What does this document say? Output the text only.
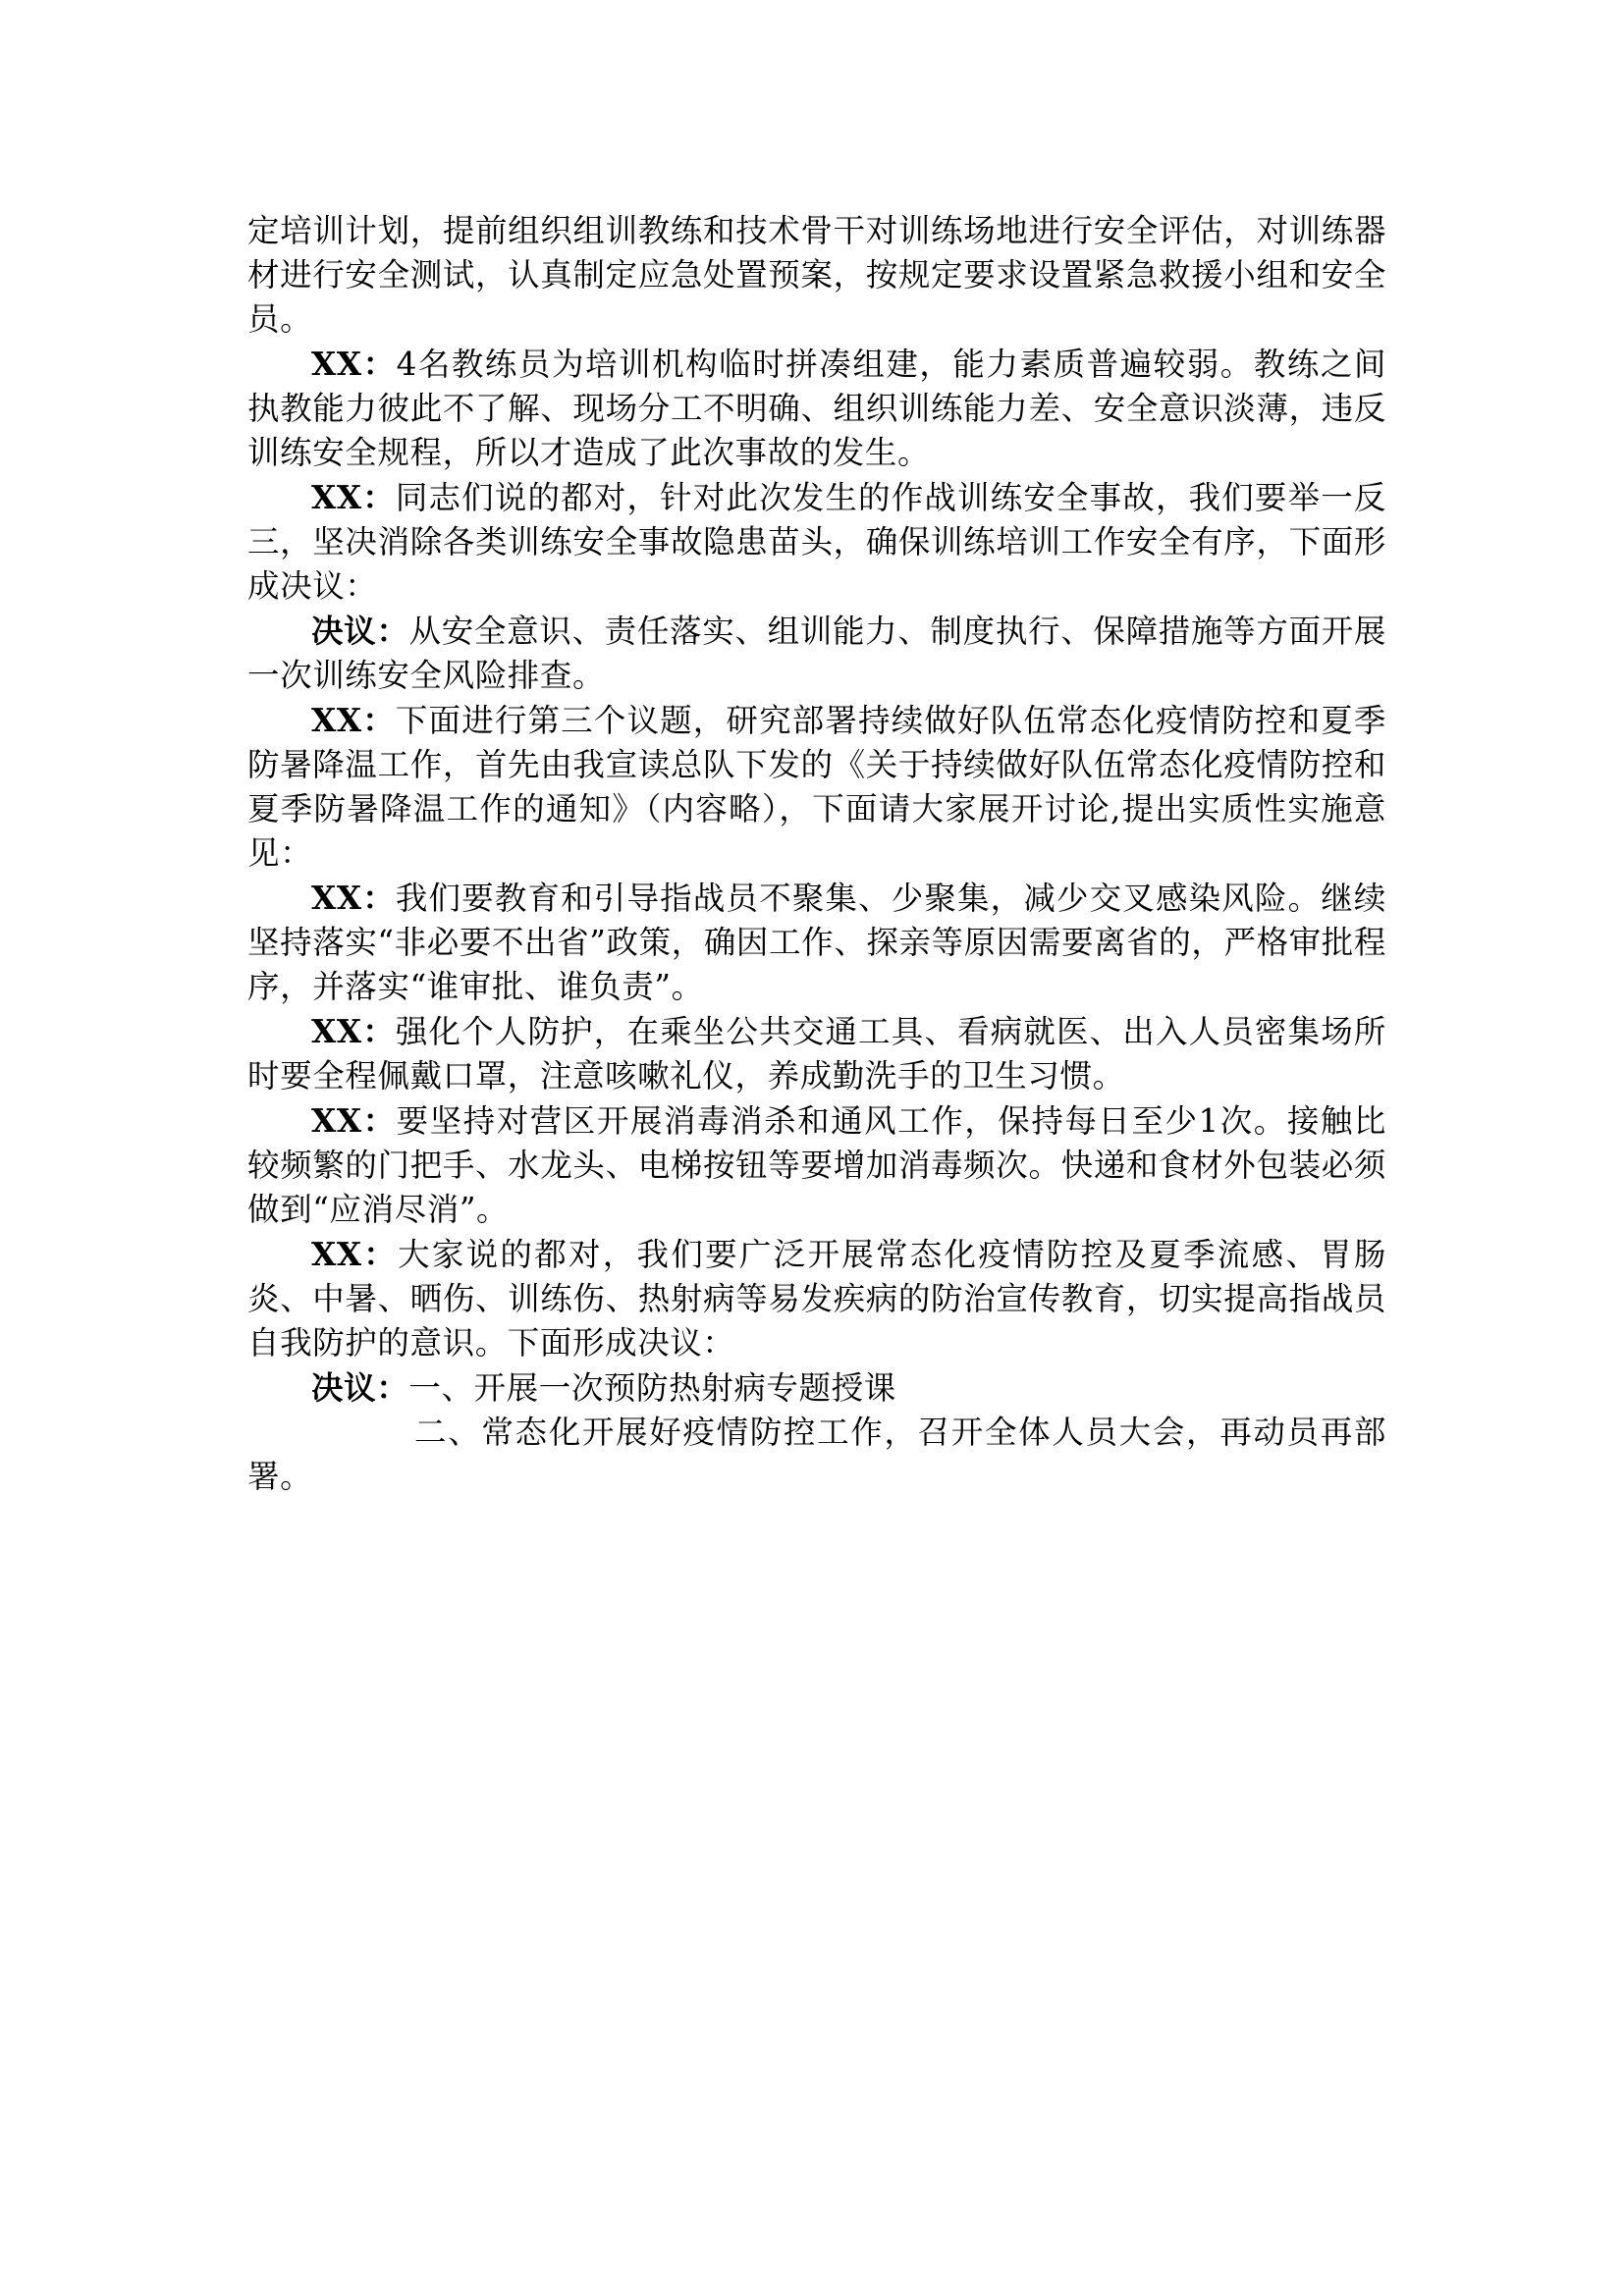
定培训计划，提前组织组训教练和技术骨干对训练场地进行安全评估，对训练器材进行安全测试，认真制定应急处置预案，按规定要求设置紧急救援小组和安全员。

XX：4名教练员为培训机构临时拼凑组建，能力素质普遍较弱。教练之间执教能力彼此不了解、现场分工不明确、组织训练能力差、安全意识淡薄，违反训练安全规程，所以才造成了此次事故的发生。

XX：同志们说的都对，针对此次发生的作战训练安全事故，我们要举一反三，坚决消除各类训练安全事故隐患苗头，确保训练培训工作安全有序，下面形成决议：

决议：从安全意识、责任落实、组训能力、制度执行、保障措施等方面开展一次训练安全风险排查。

XX：下面进行第三个议题，研究部署持续做好队伍常态化疫情防控和夏季防暑降温工作，首先由我宣读总队下发的《关于持续做好队伍常态化疫情防控和夏季防暑降温工作的通知》（内容略），下面请大家展开讨论,提出实质性实施意见：

XX：我们要教育和引导指战员不聚集、少聚集，减少交叉感染风险。继续坚持落实“非必要不出省”政策，确因工作、探亲等原因需要离省的，严格审批程序，并落实“谁审批、谁负责”。

XX：强化个人防护，在乘坐公共交通工具、看病就医、出入人员密集场所时要全程佩戴口罩，注意咳嗽礼仪，养成勤洗手的卫生习惯。

XX：要坚持对营区开展消毒消杀和通风工作，保持每日至少1次。接触比较频繁的门把手、水龙头、电梯按钮等要增加消毒频次。快递和食材外包装必须做到“应消尽消”。

XX：大家说的都对，我们要广泛开展常态化疫情防控及夏季流感、胃肠炎、中暑、晒伤、训练伤、热射病等易发疾病的防治宣传教育，切实提高指战员自我防护的意识。下面形成决议：

决议：一、开展一次预防热射病专题授课

二、常态化开展好疫情防控工作，召开全体人员大会，再动员再部署。
